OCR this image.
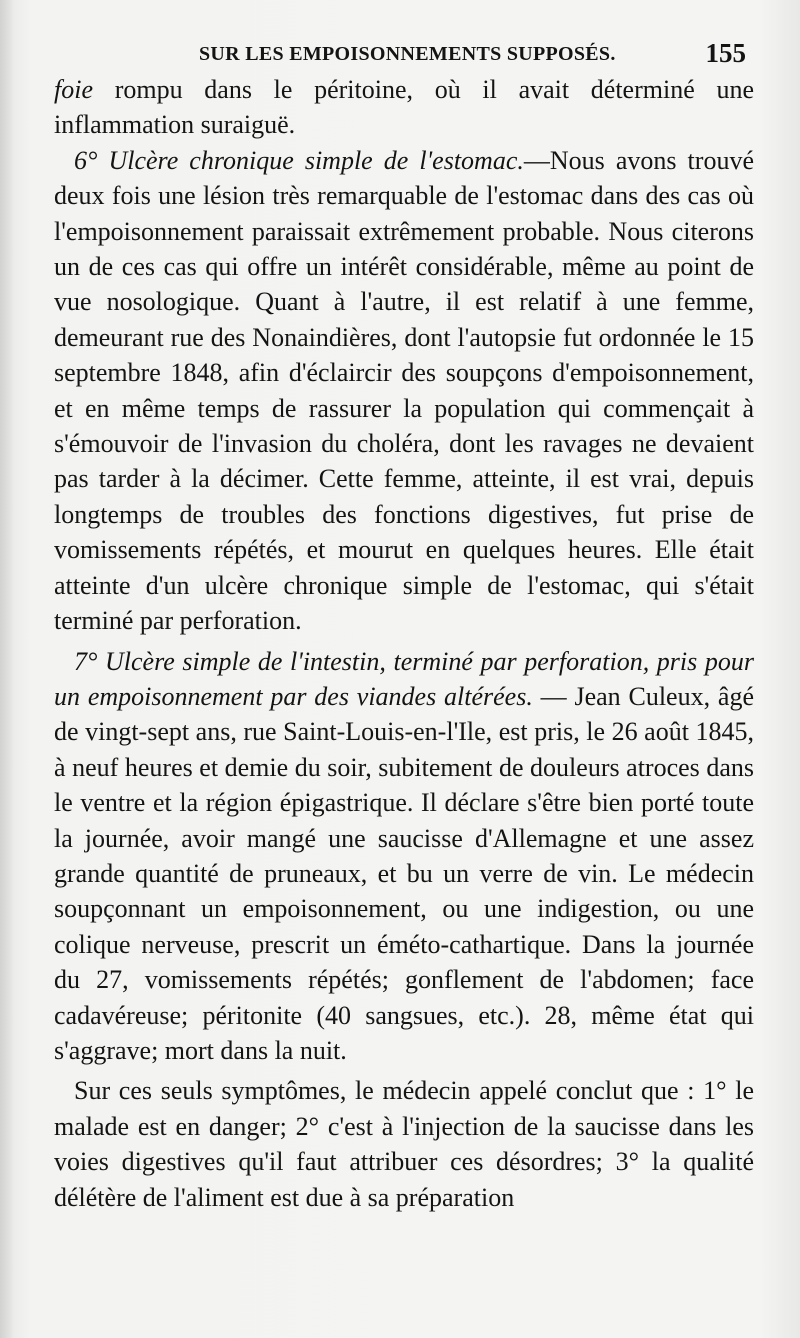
SUR LES EMPOISONNEMENTS SUPPOSÉS.	155

foie rompu dans le péritoine, où il avait déterminé une inflammation suraiguë.

6° Ulcère chronique simple de l'estomac.—Nous avons trouvé deux fois une lésion très remarquable de l'estomac dans des cas où l'empoisonnement paraissait extrêmement probable. Nous citerons un de ces cas qui offre un intérêt considérable, même au point de vue nosologique. Quant à l'autre, il est relatif à une femme, demeurant rue des Nonaindières, dont l'autopsie fut ordonnée le 15 septembre 1848, afin d'éclaircir des soupçons d'empoisonnement, et en même temps de rassurer la population qui commençait à s'émouvoir de l'invasion du choléra, dont les ravages ne devaient pas tarder à la décimer. Cette femme, atteinte, il est vrai, depuis longtemps de troubles des fonctions digestives, fut prise de vomissements répétés, et mourut en quelques heures. Elle était atteinte d'un ulcère chronique simple de l'estomac, qui s'était terminé par perforation.

7° Ulcère simple de l'intestin, terminé par perforation, pris pour un empoisonnement par des viandes altérées. — Jean Culeux, âgé de vingt-sept ans, rue Saint-Louis-en-l'Ile, est pris, le 26 août 1845, à neuf heures et demie du soir, subitement de douleurs atroces dans le ventre et la région épigastrique. Il déclare s'être bien porté toute la journée, avoir mangé une saucisse d'Allemagne et une assez grande quantité de pruneaux, et bu un verre de vin. Le médecin soupçonnant un empoisonnement, ou une indigestion, ou une colique nerveuse, prescrit un éméto-cathartique. Dans la journée du 27, vomissements répétés; gonflement de l'abdomen; face cadavéreuse; péritonite (40 sangsues, etc.). 28, même état qui s'aggrave; mort dans la nuit.

Sur ces seuls symptômes, le médecin appelé conclut que : 1° le malade est en danger; 2° c'est à l'injection de la saucisse dans les voies digestives qu'il faut attribuer ces désordres; 3° la qualité délétère de l'aliment est due à sa préparation
